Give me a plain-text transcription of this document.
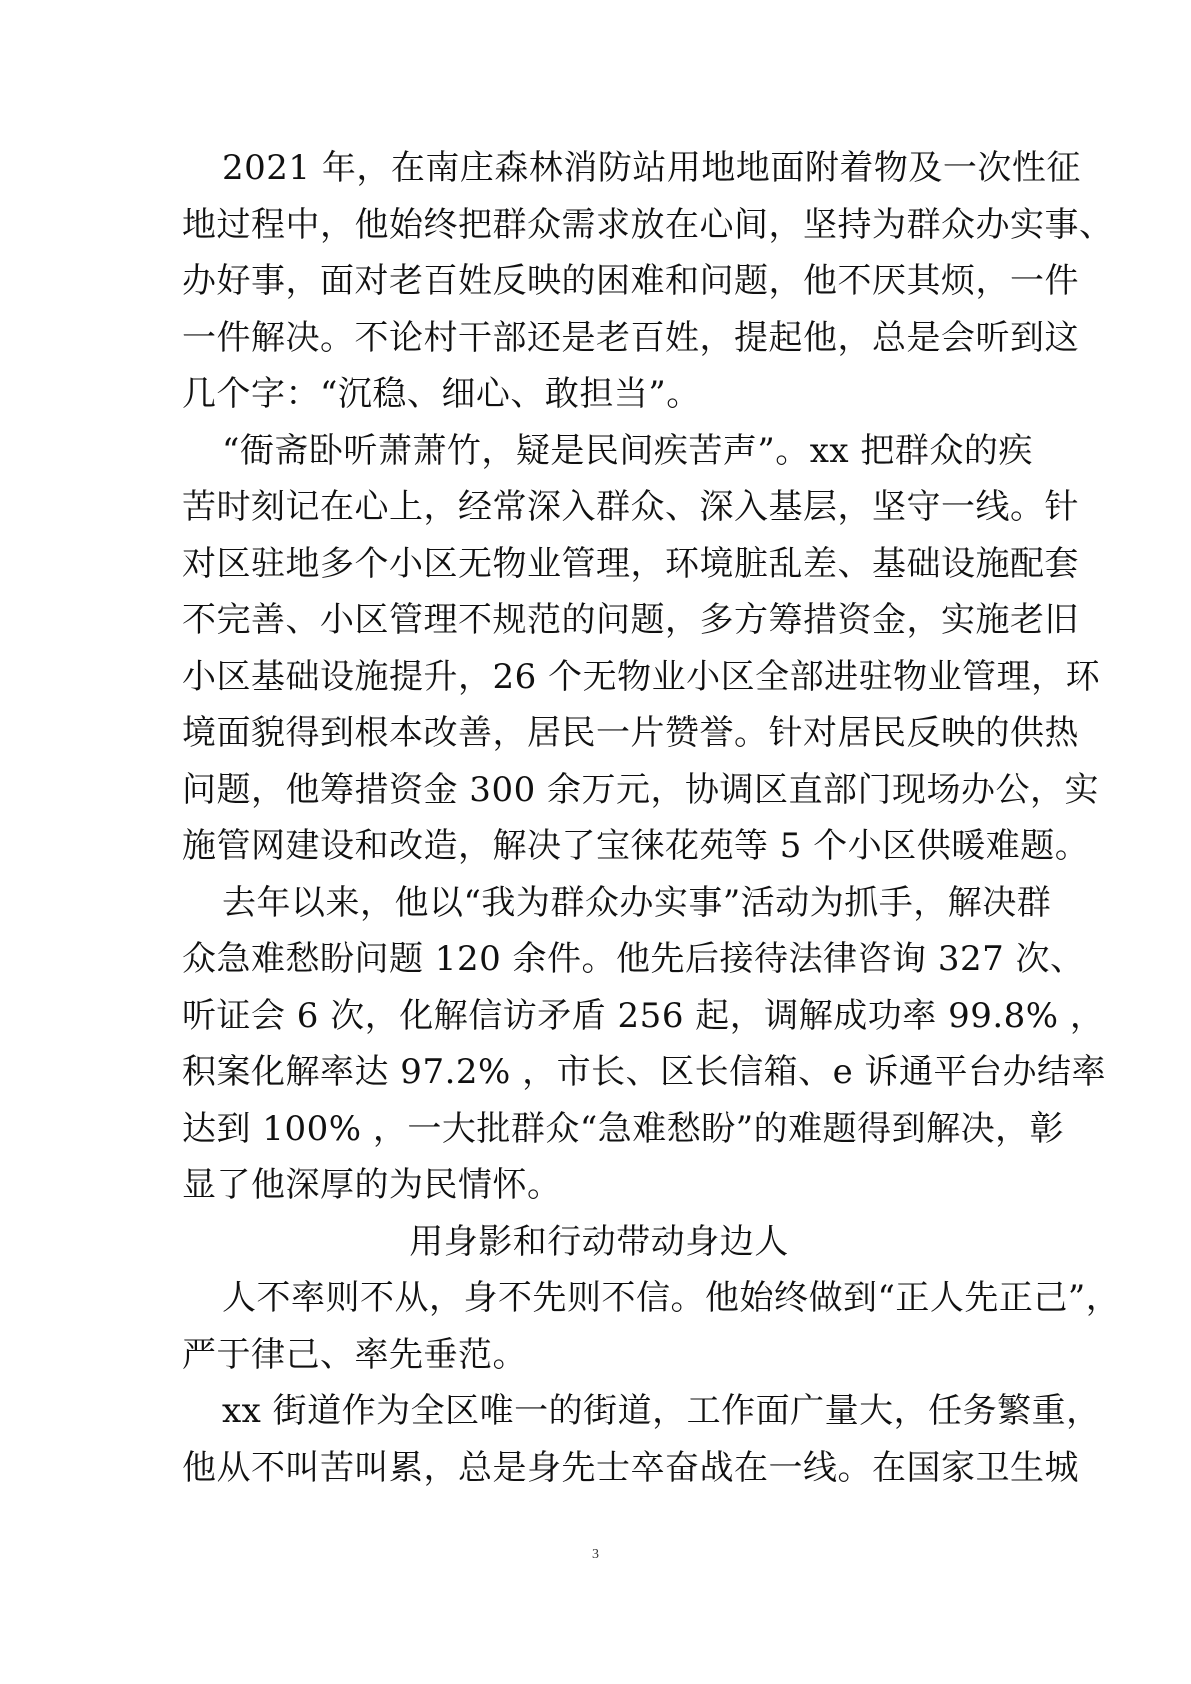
2021 年，在南庄森林消防站用地地面附着物及一次性征
地过程中，他始终把群众需求放在心间，坚持为群众办实事、
办好事，面对老百姓反映的困难和问题，他不厌其烦，一件
一件解决。不论村干部还是老百姓，提起他，总是会听到这
几个字：“沉稳、细心、敢担当”。
“衙斋卧听萧萧竹，疑是民间疾苦声”。xx 把群众的疾
苦时刻记在心上，经常深入群众、深入基层，坚守一线。针
对区驻地多个小区无物业管理，环境脏乱差、基础设施配套
不完善、小区管理不规范的问题，多方筹措资金，实施老旧
小区基础设施提升，26 个无物业小区全部进驻物业管理，环
境面貌得到根本改善，居民一片赞誉。针对居民反映的供热
问题，他筹措资金 300 余万元，协调区直部门现场办公，实
施管网建设和改造，解决了宝徕花苑等 5 个小区供暖难题。
去年以来，他以“我为群众办实事”活动为抓手，解决群
众急难愁盼问题 120 余件。他先后接待法律咨询 327 次、
听证会 6 次，化解信访矛盾 256 起，调解成功率 99.8% ，
积案化解率达 97.2% ，市长、区长信箱、e 诉通平台办结率
达到 100% ，一大批群众“急难愁盼”的难题得到解决，彰
显了他深厚的为民情怀。
用身影和行动带动身边人
人不率则不从，身不先则不信。他始终做到“正人先正己”，
严于律己、率先垂范。
xx 街道作为全区唯一的街道，工作面广量大，任务繁重，
他从不叫苦叫累，总是身先士卒奋战在一线。在国家卫生城
3
